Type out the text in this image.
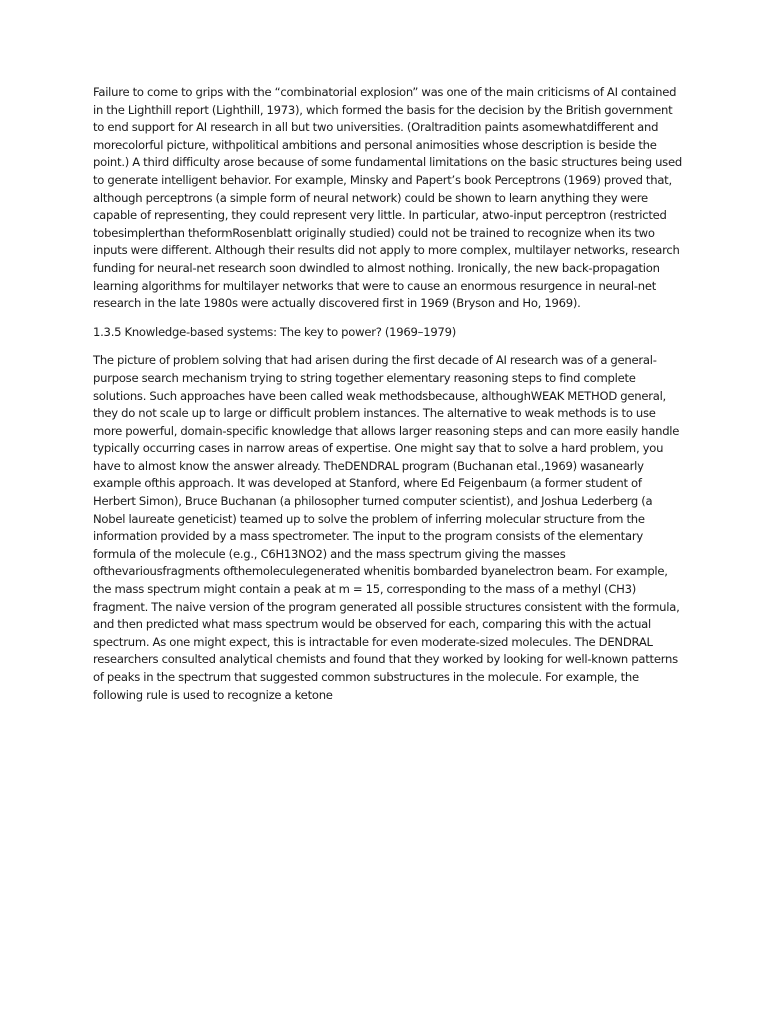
Failure to come to grips with the “combinatorial explosion” was one of the main criticisms of AI contained in the Lighthill report (Lighthill, 1973), which formed the basis for the decision by the British government to end support for AI research in all but two universities. (Oraltradition paints asomewhatdifferent and morecolorful picture, withpolitical ambitions and personal animosities whose description is beside the point.) A third difficulty arose because of some fundamental limitations on the basic structures being used to generate intelligent behavior. For example, Minsky and Papert’s book Perceptrons (1969) proved that, although perceptrons (a simple form of neural network) could be shown to learn anything they were capable of representing, they could represent very little. In particular, atwo-input perceptron (restricted tobesimplerthan theformRosenblatt originally studied) could not be trained to recognize when its two inputs were different. Although their results did not apply to more complex, multilayer networks, research funding for neural-net research soon dwindled to almost nothing. Ironically, the new back-propagation learning algorithms for multilayer networks that were to cause an enormous resurgence in neural-net research in the late 1980s were actually discovered first in 1969 (Bryson and Ho, 1969).

1.3.5 Knowledge-based systems: The key to power? (1969–1979)

The picture of problem solving that had arisen during the first decade of AI research was of a general-purpose search mechanism trying to string together elementary reasoning steps to find complete solutions. Such approaches have been called weak methodsbecause, althoughWEAK METHOD general, they do not scale up to large or difficult problem instances. The alternative to weak methods is to use more powerful, domain-specific knowledge that allows larger reasoning steps and can more easily handle typically occurring cases in narrow areas of expertise. One might say that to solve a hard problem, you have to almost know the answer already. TheDENDRAL program (Buchanan etal.,1969) wasanearly example ofthis approach. It was developed at Stanford, where Ed Feigenbaum (a former student of Herbert Simon), Bruce Buchanan (a philosopher turned computer scientist), and Joshua Lederberg (a Nobel laureate geneticist) teamed up to solve the problem of inferring molecular structure from the information provided by a mass spectrometer. The input to the program consists of the elementary formula of the molecule (e.g., C6H13NO2) and the mass spectrum giving the masses ofthevariousfragments ofthemoleculegenerated whenitis bombarded byanelectron beam. For example, the mass spectrum might contain a peak at m = 15, corresponding to the mass of a methyl (CH3) fragment. The naive version of the program generated all possible structures consistent with the formula, and then predicted what mass spectrum would be observed for each, comparing this with the actual spectrum. As one might expect, this is intractable for even moderate-sized molecules. The DENDRAL researchers consulted analytical chemists and found that they worked by looking for well-known patterns of peaks in the spectrum that suggested common substructures in the molecule. For example, the following rule is used to recognize a ketone
